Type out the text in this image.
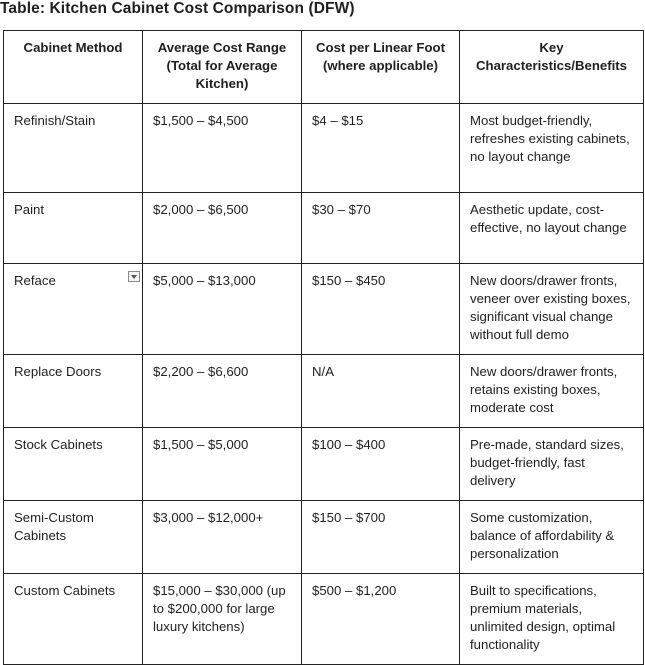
Table: Kitchen Cabinet Cost Comparison (DFW)
Cabinet Method	Average Cost Range (Total for Average Kitchen)	Cost per Linear Foot (where applicable)	Key Characteristics/Benefits
Refinish/Stain	$1,500 – $4,500	$4 – $15	Most budget-friendly, refreshes existing cabinets, no layout change
Paint	$2,000 – $6,500	$30 – $70	Aesthetic update, cost-effective, no layout change
Reface	$5,000 – $13,000	$150 – $450	New doors/drawer fronts, veneer over existing boxes, significant visual change without full demo
Replace Doors	$2,200 – $6,600	N/A	New doors/drawer fronts, retains existing boxes, moderate cost
Stock Cabinets	$1,500 – $5,000	$100 – $400	Pre-made, standard sizes, budget-friendly, fast delivery
Semi-Custom Cabinets	$3,000 – $12,000+	$150 – $700	Some customization, balance of affordability & personalization
Custom Cabinets	$15,000 – $30,000 (up to $200,000 for large luxury kitchens)	$500 – $1,200	Built to specifications, premium materials, unlimited design, optimal functionality
